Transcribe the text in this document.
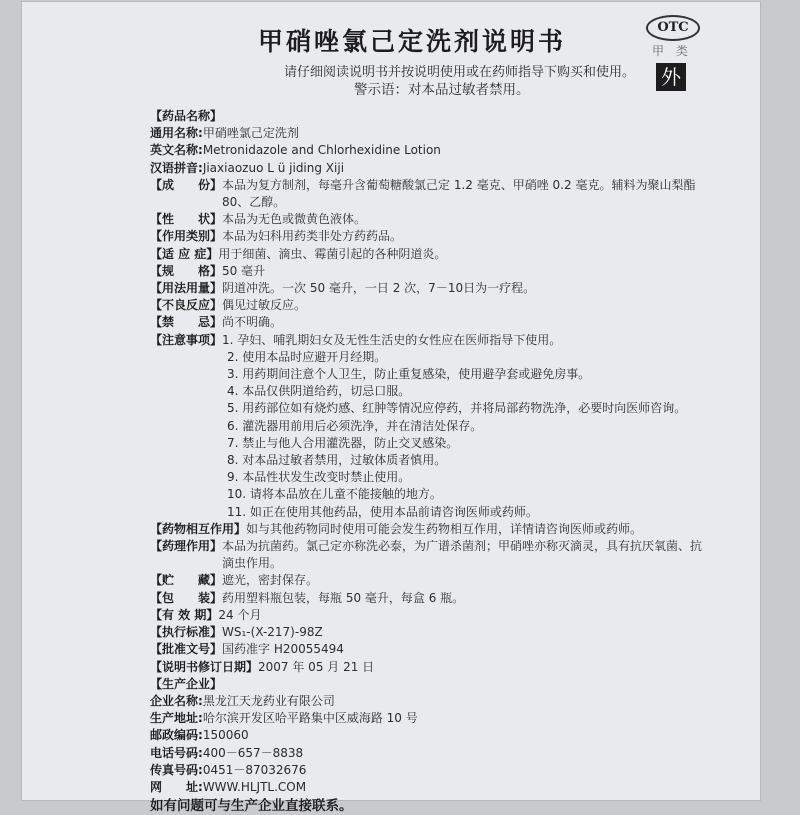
甲硝唑氯己定洗剂说明书	OTC
甲 类
外
请仔细阅读说明书并按说明使用或在药师指导下购买和使用。
警示语：对本品过敏者禁用。
【药品名称】
通用名称: 甲硝唑氯己定洗剂
英文名称: Metronidazole and Chlorhexidine Lotion
汉语拼音: Jiaxiaozuo L ü jiding Xiji
【成　　份】 本品为复方制剂，每毫升含葡萄糖酸氯己定 1.2 毫克、甲硝唑 0.2 毫克。辅料为聚山梨酯 80、乙醇。
【性　　状】 本品为无色或微黄色液体。
【作用类别】 本品为妇科用药类非处方药药品。
【适 应 症】 用于细菌、滴虫、霉菌引起的各种阴道炎。
【规　　格】 50 毫升
【用法用量】 阴道冲洗。一次 50 毫升，一日 2 次，7－10日为一疗程。
【不良反应】 偶见过敏反应。
【禁　　忌】 尚不明确。
【注意事项】 1. 孕妇、哺乳期妇女及无性生活史的女性应在医师指导下使用。
2. 使用本品时应避开月经期。
3. 用药期间注意个人卫生，防止重复感染，使用避孕套或避免房事。
4. 本品仅供阴道给药，切忌口服。
5. 用药部位如有烧灼感、红肿等情况应停药，并将局部药物洗净，必要时向医师咨询。
6. 灌洗器用前用后必须洗净，并在清洁处保存。
7. 禁止与他人合用灌洗器，防止交叉感染。
8. 对本品过敏者禁用，过敏体质者慎用。
9. 本品性状发生改变时禁止使用。
10. 请将本品放在儿童不能接触的地方。
11. 如正在使用其他药品，使用本品前请咨询医师或药师。
【药物相互作用】 如与其他药物同时使用可能会发生药物相互作用，详情请咨询医师或药师。
【药理作用】 本品为抗菌药。氯己定亦称洗必泰，为广谱杀菌剂；甲硝唑亦称灭滴灵，具有抗厌氧菌、抗滴虫作用。
【贮　　藏】 遮光，密封保存。
【包　　装】 药用塑料瓶包装，每瓶 50 毫升，每盒 6 瓶。
【有 效 期】 24 个月
【执行标准】 WS₁-(X-217)-98Z
【批准文号】 国药准字 H20055494
【说明书修订日期】 2007 年 05 月 21 日
【生产企业】
企业名称: 黑龙江天龙药业有限公司
生产地址: 哈尔滨开发区哈平路集中区威海路 10 号
邮政编码: 150060
电话号码: 400－657－8838
传真号码: 0451－87032676
网　　址: WWW.HLJTL.COM
如有问题可与生产企业直接联系。
